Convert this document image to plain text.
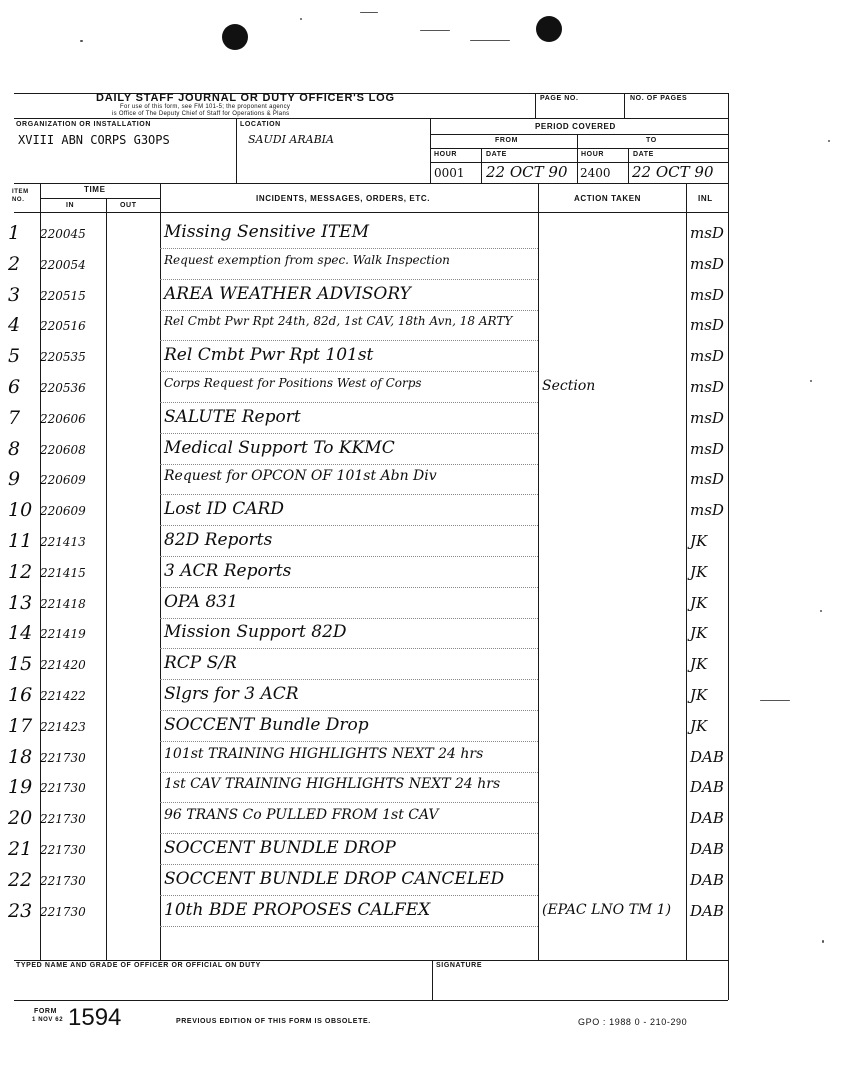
DAILY STAFF JOURNAL OR DUTY OFFICER'S LOG
For use of this form, see FM 101-5; the proponent agency
is Office of The Deputy Chief of Staff for Operations & Plans
PAGE NO.	NO. OF PAGES
ORGANIZATION OR INSTALLATION
XVIII ABN CORPS G3OPS
LOCATION
SAUDI ARABIA
PERIOD COVERED
FROM	TO
HOUR	DATE	HOUR	DATE
0001 22 OCT 90 2400 22 OCT 90
ITEM NO.
TIME
IN	OUT
INCIDENTS, MESSAGES, ORDERS, ETC.	ACTION TAKEN	INL
1	220045	Missing Sensitive ITEM	msD
2	220054	Request exemption from spec. Walk Inspection	msD
3	220515	AREA WEATHER ADVISORY	msD
4	220516	Rel Cmbt Pwr Rpt 24th, 82d, 1st CAV, 18th Avn, 18 ARTY	msD
5	220535	Rel Cmbt Pwr Rpt 101st	msD
6	220536	Corps Request for Positions West of Corps	Section	msD
7	220606	SALUTE Report	msD
8	220608	Medical Support To KKMC	msD
9	220609	Request for OPCON OF 101st Abn Div	msD
10 220609	Lost ID CARD	msD
11 221413	82D Reports	JK
12 221415	3 ACR Reports	JK
13 221418	OPA 831	JK
14 221419	Mission Support 82D	JK
15 221420	RCP S/R	JK
16 221422	Slgrs for 3 ACR	JK
17 221423	SOCCENT Bundle Drop	JK
18 221730	101st TRAINING HIGHLIGHTS NEXT 24 hrs	DAB
19 221730	1st CAV TRAINING HIGHLIGHTS NEXT 24 hrs	DAB
20 221730	96 TRANS Co PULLED FROM 1st CAV	DAB
21 221730	SOCCENT BUNDLE DROP	DAB
22 221730	SOCCENT BUNDLE DROP CANCELED	DAB
23 221730	10th BDE PROPOSES CALFEX	(EPAC LNO TM 1) DAB
TYPED NAME AND GRADE OF OFFICER OR OFFICIAL ON DUTY	SIGNATURE
FORM
1 NOV 62 1594	PREVIOUS EDITION OF THIS FORM IS OBSOLETE.	GPO : 1988 0 - 210-290
